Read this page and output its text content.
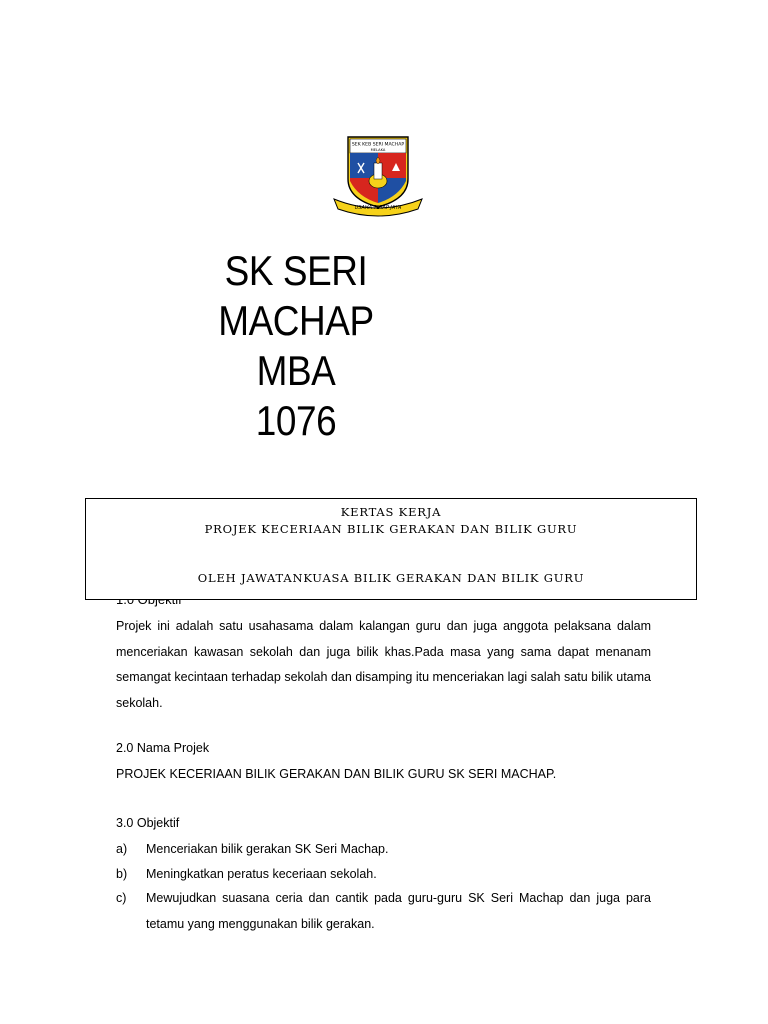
SEK KEB SERI MACHAP
MELAKA
USAHA TETAP JAYA
SK SERI
MACHAP
MBA
1076
KERTAS KERJA
PROJEK KECERIAAN BILIK GERAKAN DAN BILIK GURU
OLEH JAWATANKUASA BILIK GERAKAN DAN BILIK GURU
Projek ini adalah satu usahasama dalam kalangan guru dan juga anggota pelaksana dalam menceriakan kawasan sekolah dan juga bilik khas.Pada masa yang sama dapat menanam semangat kecintaan terhadap sekolah dan disamping itu menceriakan lagi salah satu bilik utama sekolah.
2.0 Nama Projek
PROJEK KECERIAAN BILIK GERAKAN DAN BILIK GURU SK SERI MACHAP.
3.0 Objektif
a) Menceriakan bilik gerakan SK Seri Machap.
b) Meningkatkan peratus keceriaan sekolah.
c) Mewujudkan suasana ceria dan cantik pada guru-guru SK Seri Machap dan juga para tetamu yang menggunakan bilik gerakan.
